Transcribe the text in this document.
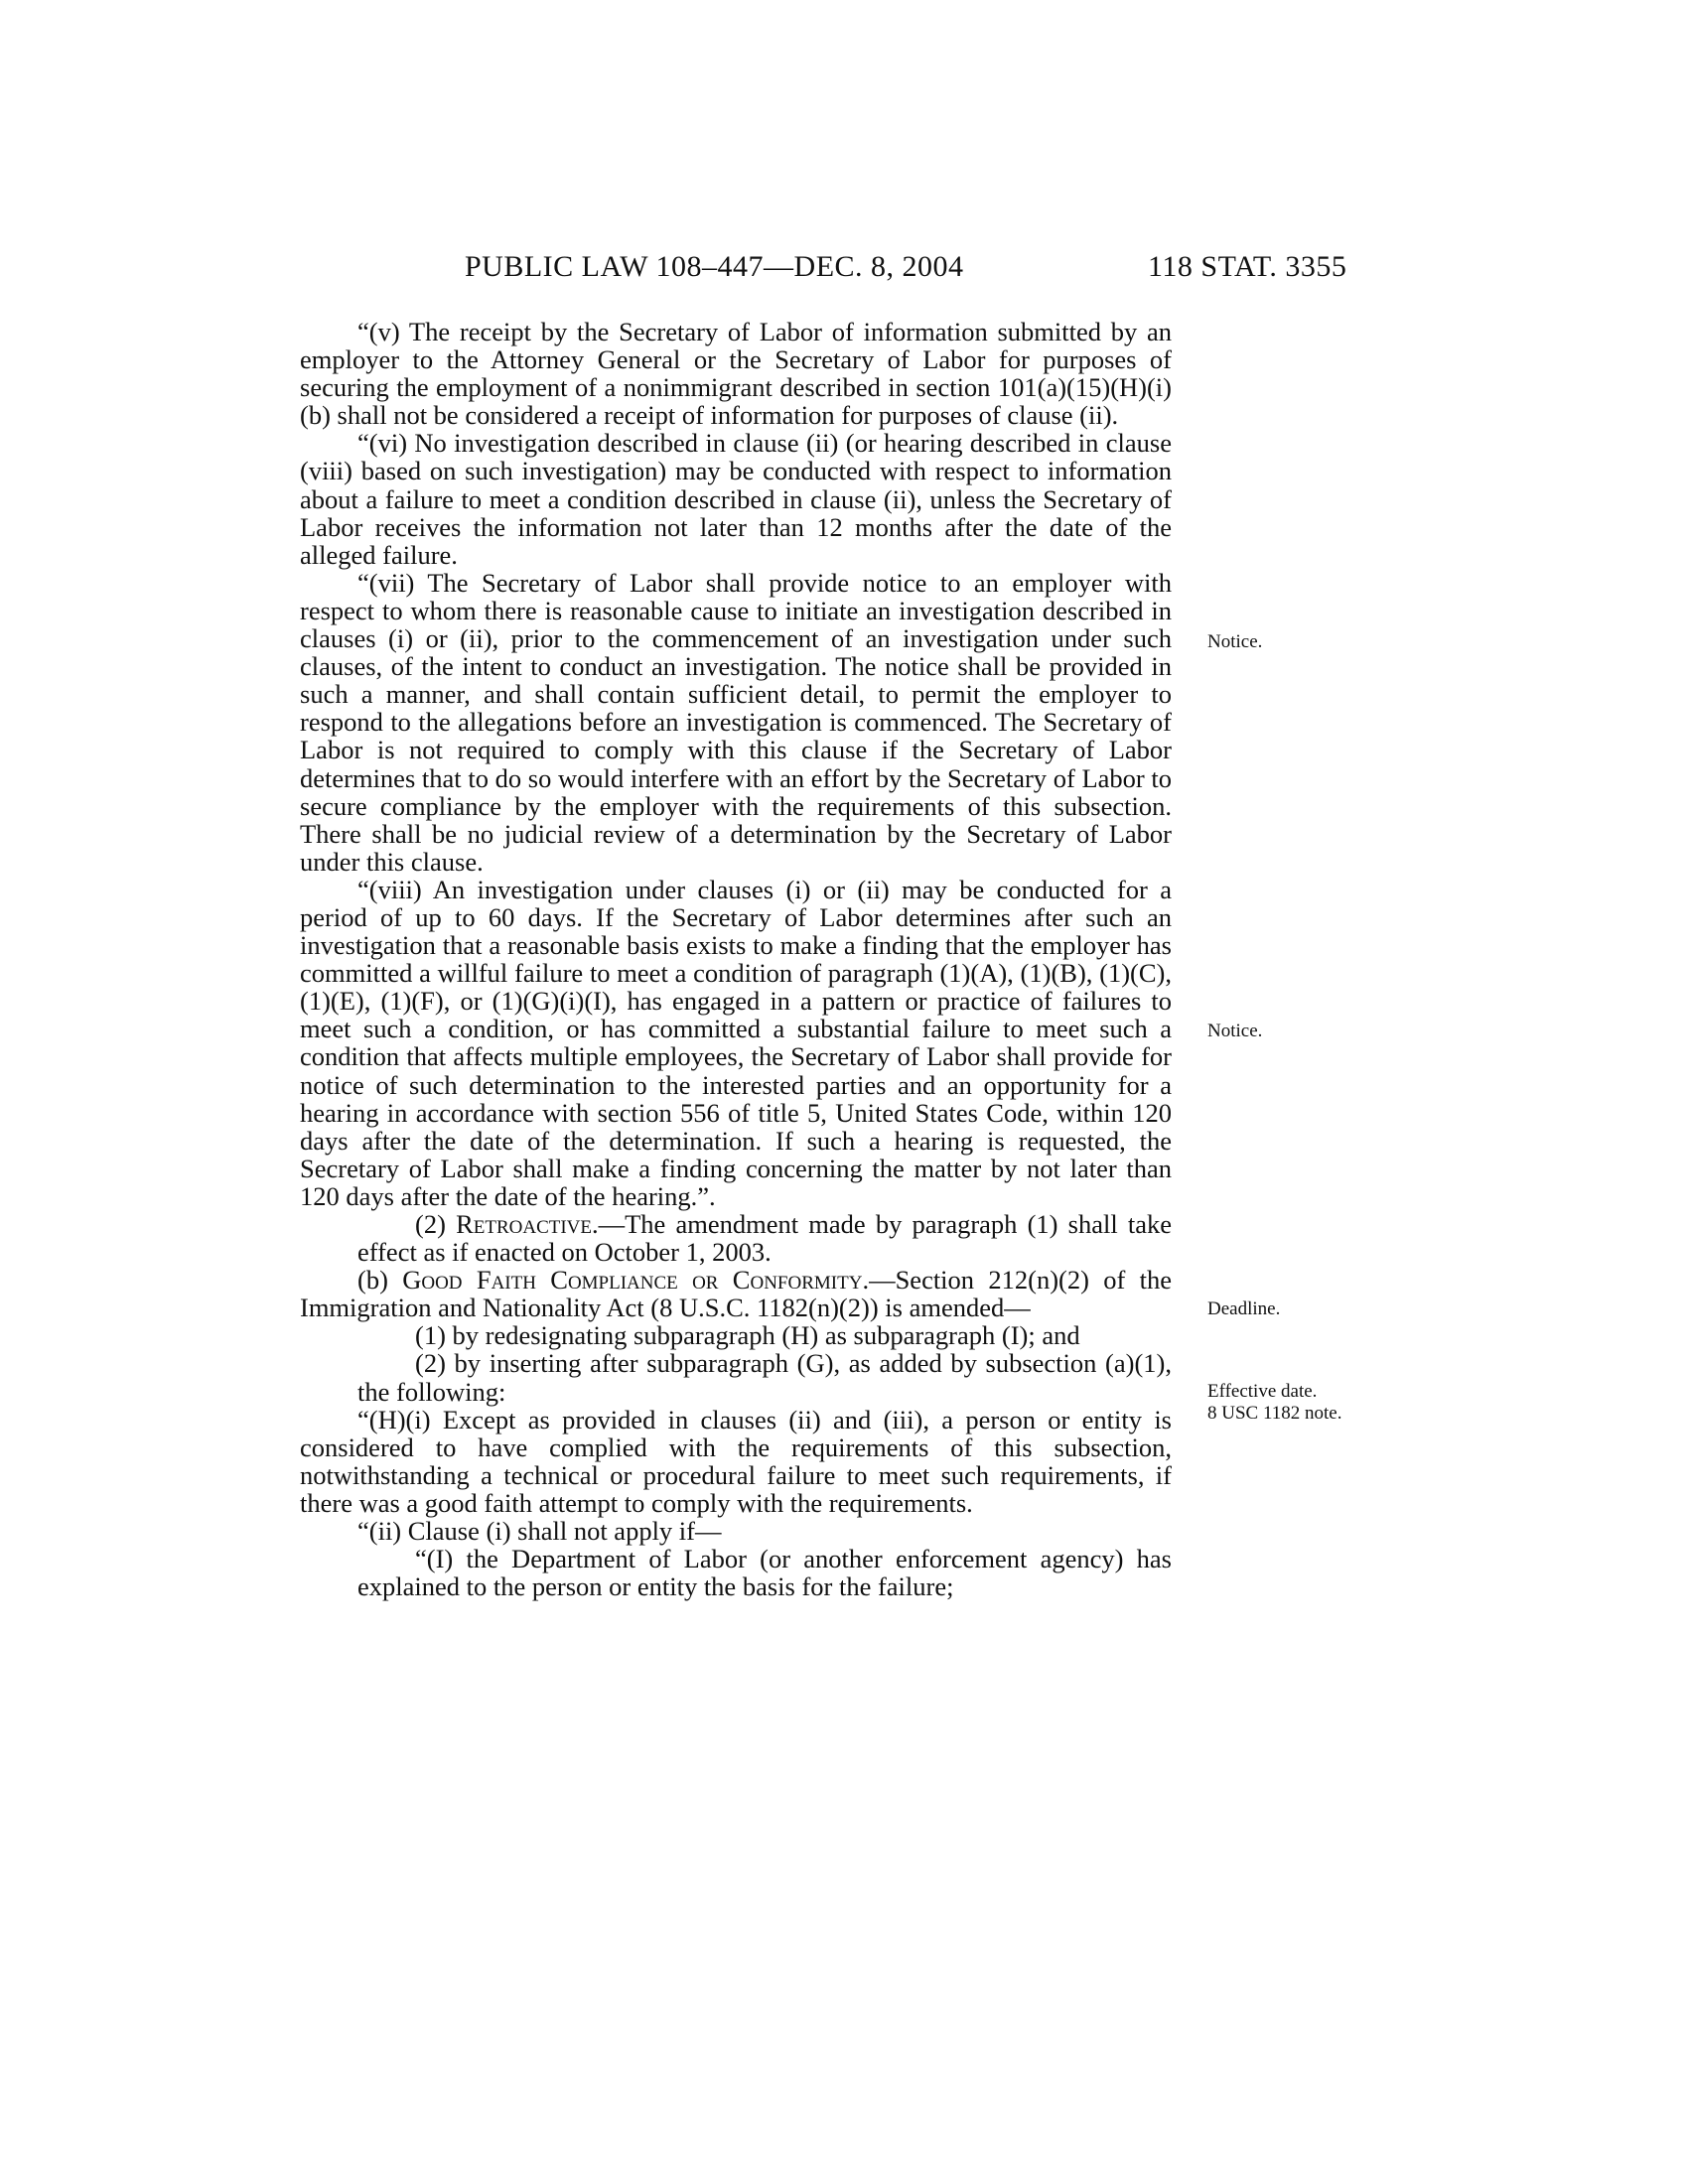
PUBLIC LAW 108–447—DEC. 8, 2004	118 STAT. 3355

“(v) The receipt by the Secretary of Labor of information submitted by an employer to the Attorney General or the Secretary of Labor for purposes of securing the employment of a nonimmigrant described in section 101(a)(15)(H)(i)(b) shall not be considered a receipt of information for purposes of clause (ii).

“(vi) No investigation described in clause (ii) (or hearing described in clause (viii) based on such investigation) may be conducted with respect to information about a failure to meet a condition described in clause (ii), unless the Secretary of Labor receives the information not later than 12 months after the date of the alleged failure.

“(vii) The Secretary of Labor shall provide notice to an employer with respect to whom there is reasonable cause to initiate an investigation described in clauses (i) or (ii), prior to the commencement of an investigation under such clauses, of the intent to conduct an investigation. The notice shall be provided in such a manner, and shall contain sufficient detail, to permit the employer to respond to the allegations before an investigation is commenced. The Secretary of Labor is not required to comply with this clause if the Secretary of Labor determines that to do so would interfere with an effort by the Secretary of Labor to secure compliance by the employer with the requirements of this subsection. There shall be no judicial review of a determination by the Secretary of Labor under this clause.

“(viii) An investigation under clauses (i) or (ii) may be conducted for a period of up to 60 days. If the Secretary of Labor determines after such an investigation that a reasonable basis exists to make a finding that the employer has committed a willful failure to meet a condition of paragraph (1)(A), (1)(B), (1)(C), (1)(E), (1)(F), or (1)(G)(i)(I), has engaged in a pattern or practice of failures to meet such a condition, or has committed a substantial failure to meet such a condition that affects multiple employees, the Secretary of Labor shall provide for notice of such determination to the interested parties and an opportunity for a hearing in accordance with section 556 of title 5, United States Code, within 120 days after the date of the determination. If such a hearing is requested, the Secretary of Labor shall make a finding concerning the matter by not later than 120 days after the date of the hearing.”.

(2) Retroactive.—The amendment made by paragraph (1) shall take effect as if enacted on October 1, 2003.

(b) Good Faith Compliance or Conformity.—Section 212(n)(2) of the Immigration and Nationality Act (8 U.S.C. 1182(n)(2)) is amended—

(1) by redesignating subparagraph (H) as subparagraph (I); and

(2) by inserting after subparagraph (G), as added by subsection (a)(1), the following:

“(H)(i) Except as provided in clauses (ii) and (iii), a person or entity is considered to have complied with the requirements of this subsection, notwithstanding a technical or procedural failure to meet such requirements, if there was a good faith attempt to comply with the requirements.

“(ii) Clause (i) shall not apply if—

“(I) the Department of Labor (or another enforcement agency) has explained to the person or entity the basis for the failure;

Notice.
Notice.
Deadline.
Effective date.
8 USC 1182 note.
